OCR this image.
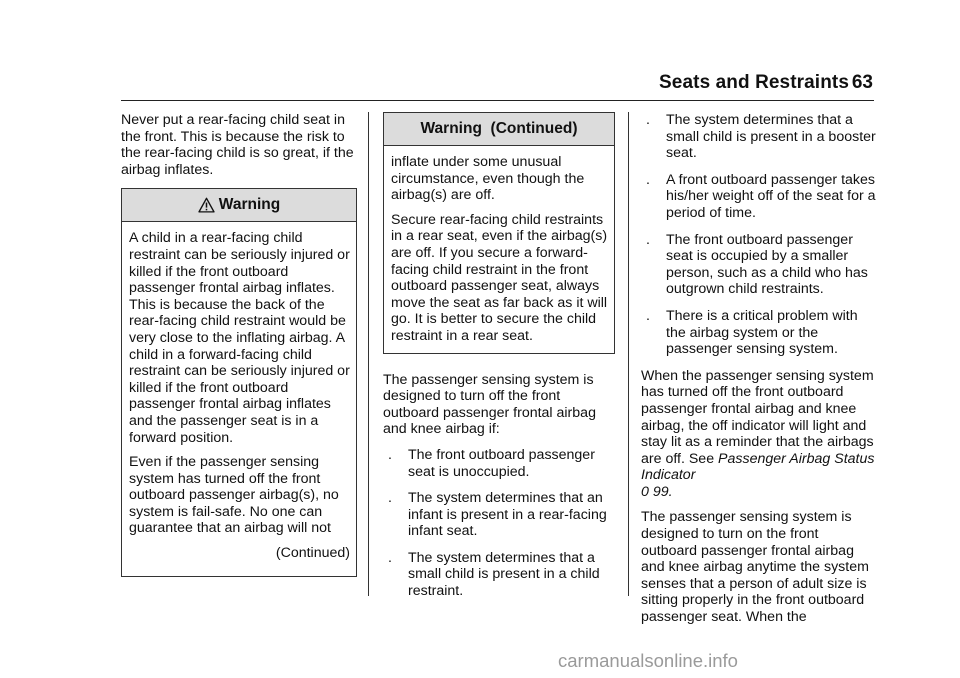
Seats and Restraints 63

Never put a rear-facing child seat in the front. This is because the risk to the rear-facing child is so great, if the airbag inflates.

Warning

A child in a rear-facing child restraint can be seriously injured or killed if the front outboard passenger frontal airbag inflates. This is because the back of the rear-facing child restraint would be very close to the inflating airbag. A child in a forward-facing child restraint can be seriously injured or killed if the front outboard passenger frontal airbag inflates and the passenger seat is in a forward position.

Even if the passenger sensing system has turned off the front outboard passenger airbag(s), no system is fail-safe. No one can guarantee that an airbag will not

(Continued)

Warning  (Continued)

inflate under some unusual circumstance, even though the airbag(s) are off.

Secure rear-facing child restraints in a rear seat, even if the airbag(s) are off. If you secure a forward-facing child restraint in the front outboard passenger seat, always move the seat as far back as it will go. It is better to secure the child restraint in a rear seat.

The passenger sensing system is designed to turn off the front outboard passenger frontal airbag and knee airbag if:

. The front outboard passenger seat is unoccupied.
. The system determines that an infant is present in a rear-facing infant seat.
. The system determines that a small child is present in a child restraint.
. The system determines that a small child is present in a booster seat.
. A front outboard passenger takes his/her weight off of the seat for a period of time.
. The front outboard passenger seat is occupied by a smaller person, such as a child who has outgrown child restraints.
. There is a critical problem with the airbag system or the passenger sensing system.

When the passenger sensing system has turned off the front outboard passenger frontal airbag and knee airbag, the off indicator will light and stay lit as a reminder that the airbags are off. See Passenger Airbag Status Indicator
0 99.

The passenger sensing system is designed to turn on the front outboard passenger frontal airbag and knee airbag anytime the system senses that a person of adult size is sitting properly in the front outboard passenger seat. When the

carmanualsonline.info
